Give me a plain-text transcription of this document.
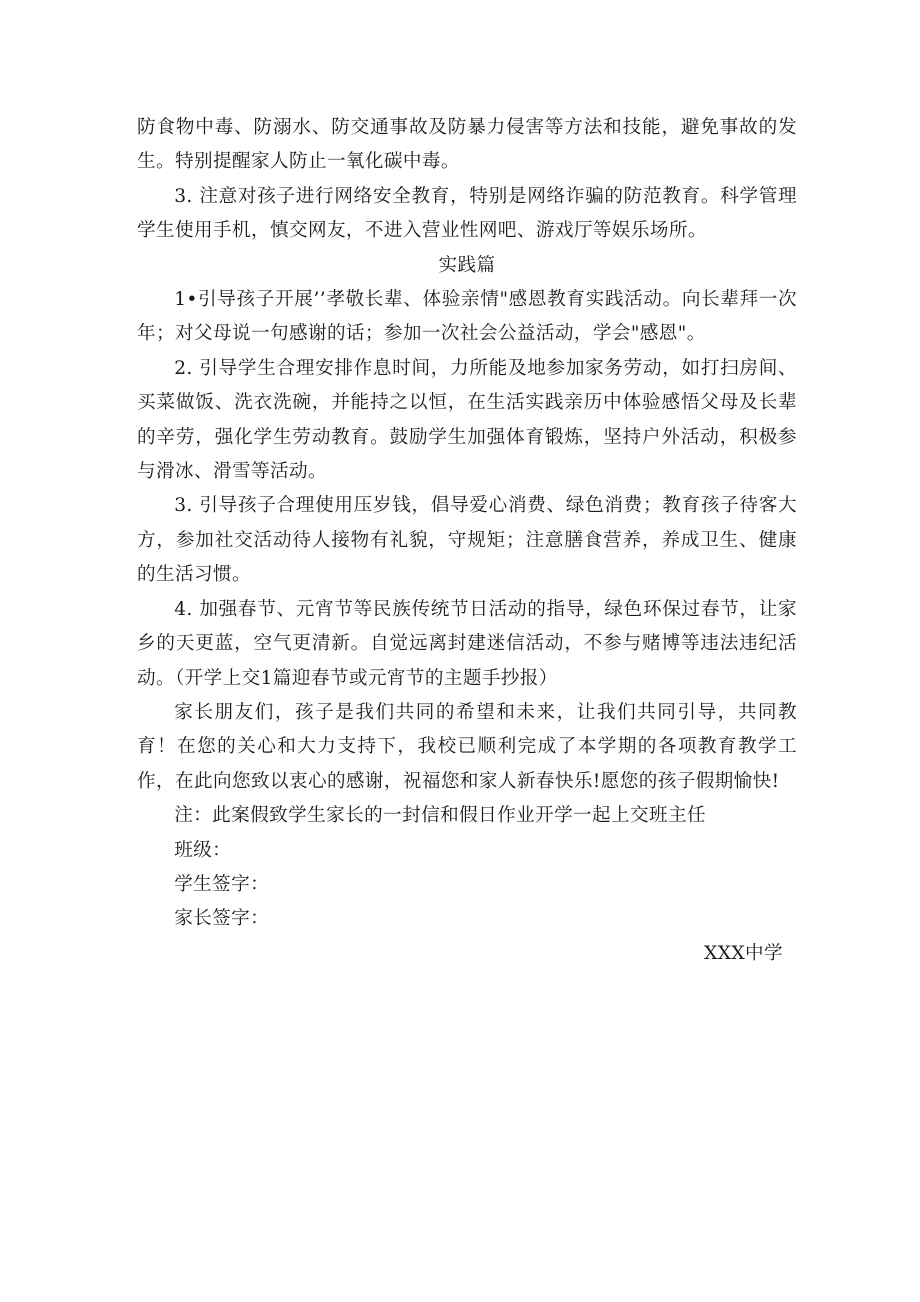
防食物中毒、防溺水、防交通事故及防暴力侵害等方法和技能，避免事故的发生。特别提醒家人防止一氧化碳中毒。

3. 注意对孩子进行网络安全教育，特别是网络诈骗的防范教育。科学管理学生使用手机，慎交网友，不进入营业性网吧、游戏厅等娱乐场所。

实践篇

1•引导孩子开展’’孝敬长辈、体验亲情"感恩教育实践活动。向长辈拜一次年；对父母说一句感谢的话；参加一次社会公益活动，学会"感恩"。

2. 引导学生合理安排作息时间，力所能及地参加家务劳动，如打扫房间、买菜做饭、洗衣洗碗，并能持之以恒，在生活实践亲历中体验感悟父母及长辈的辛劳，强化学生劳动教育。鼓励学生加强体育锻炼，坚持户外活动，积极参与滑冰、滑雪等活动。

3. 引导孩子合理使用压岁钱，倡导爱心消费、绿色消费；教育孩子待客大方，参加社交活动待人接物有礼貌，守规矩；注意膳食营养，养成卫生、健康的生活习惯。

4. 加强春节、元宵节等民族传统节日活动的指导，绿色环保过春节，让家乡的天更蓝，空气更清新。自觉远离封建迷信活动，不参与赌博等违法违纪活动。（开学上交1篇迎春节或元宵节的主题手抄报）

家长朋友们，孩子是我们共同的希望和未来，让我们共同引导，共同教育！在您的关心和大力支持下，我校已顺利完成了本学期的各项教育教学工作，在此向您致以衷心的感谢，祝福您和家人新春快乐!愿您的孩子假期愉快!

注：此案假致学生家长的一封信和假日作业开学一起上交班主任

班级：

学生签字：

家长签字：

XXX中学
